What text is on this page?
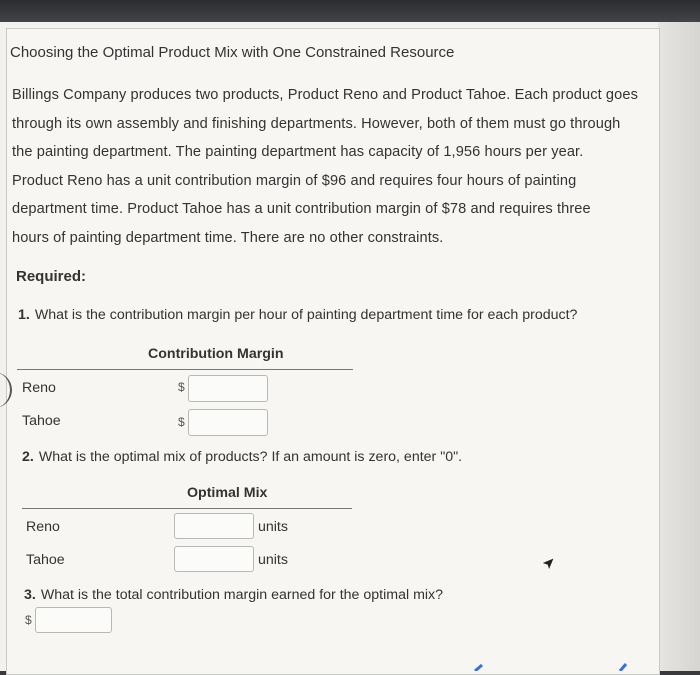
Choosing the Optimal Product Mix with One Constrained Resource
Billings Company produces two products, Product Reno and Product Tahoe. Each product goes
through its own assembly and finishing departments. However, both of them must go through
the painting department. The painting department has capacity of 1,956 hours per year.
Product Reno has a unit contribution margin of $96 and requires four hours of painting
department time. Product Tahoe has a unit contribution margin of $78 and requires three
hours of painting department time. There are no other constraints.
Required:
1. What is the contribution margin per hour of painting department time for each product?
Contribution Margin
Reno	$
Tahoe	$
2. What is the optimal mix of products? If an amount is zero, enter "0".
Optimal Mix
Reno	units
Tahoe	units
3. What is the total contribution margin earned for the optimal mix?
$
